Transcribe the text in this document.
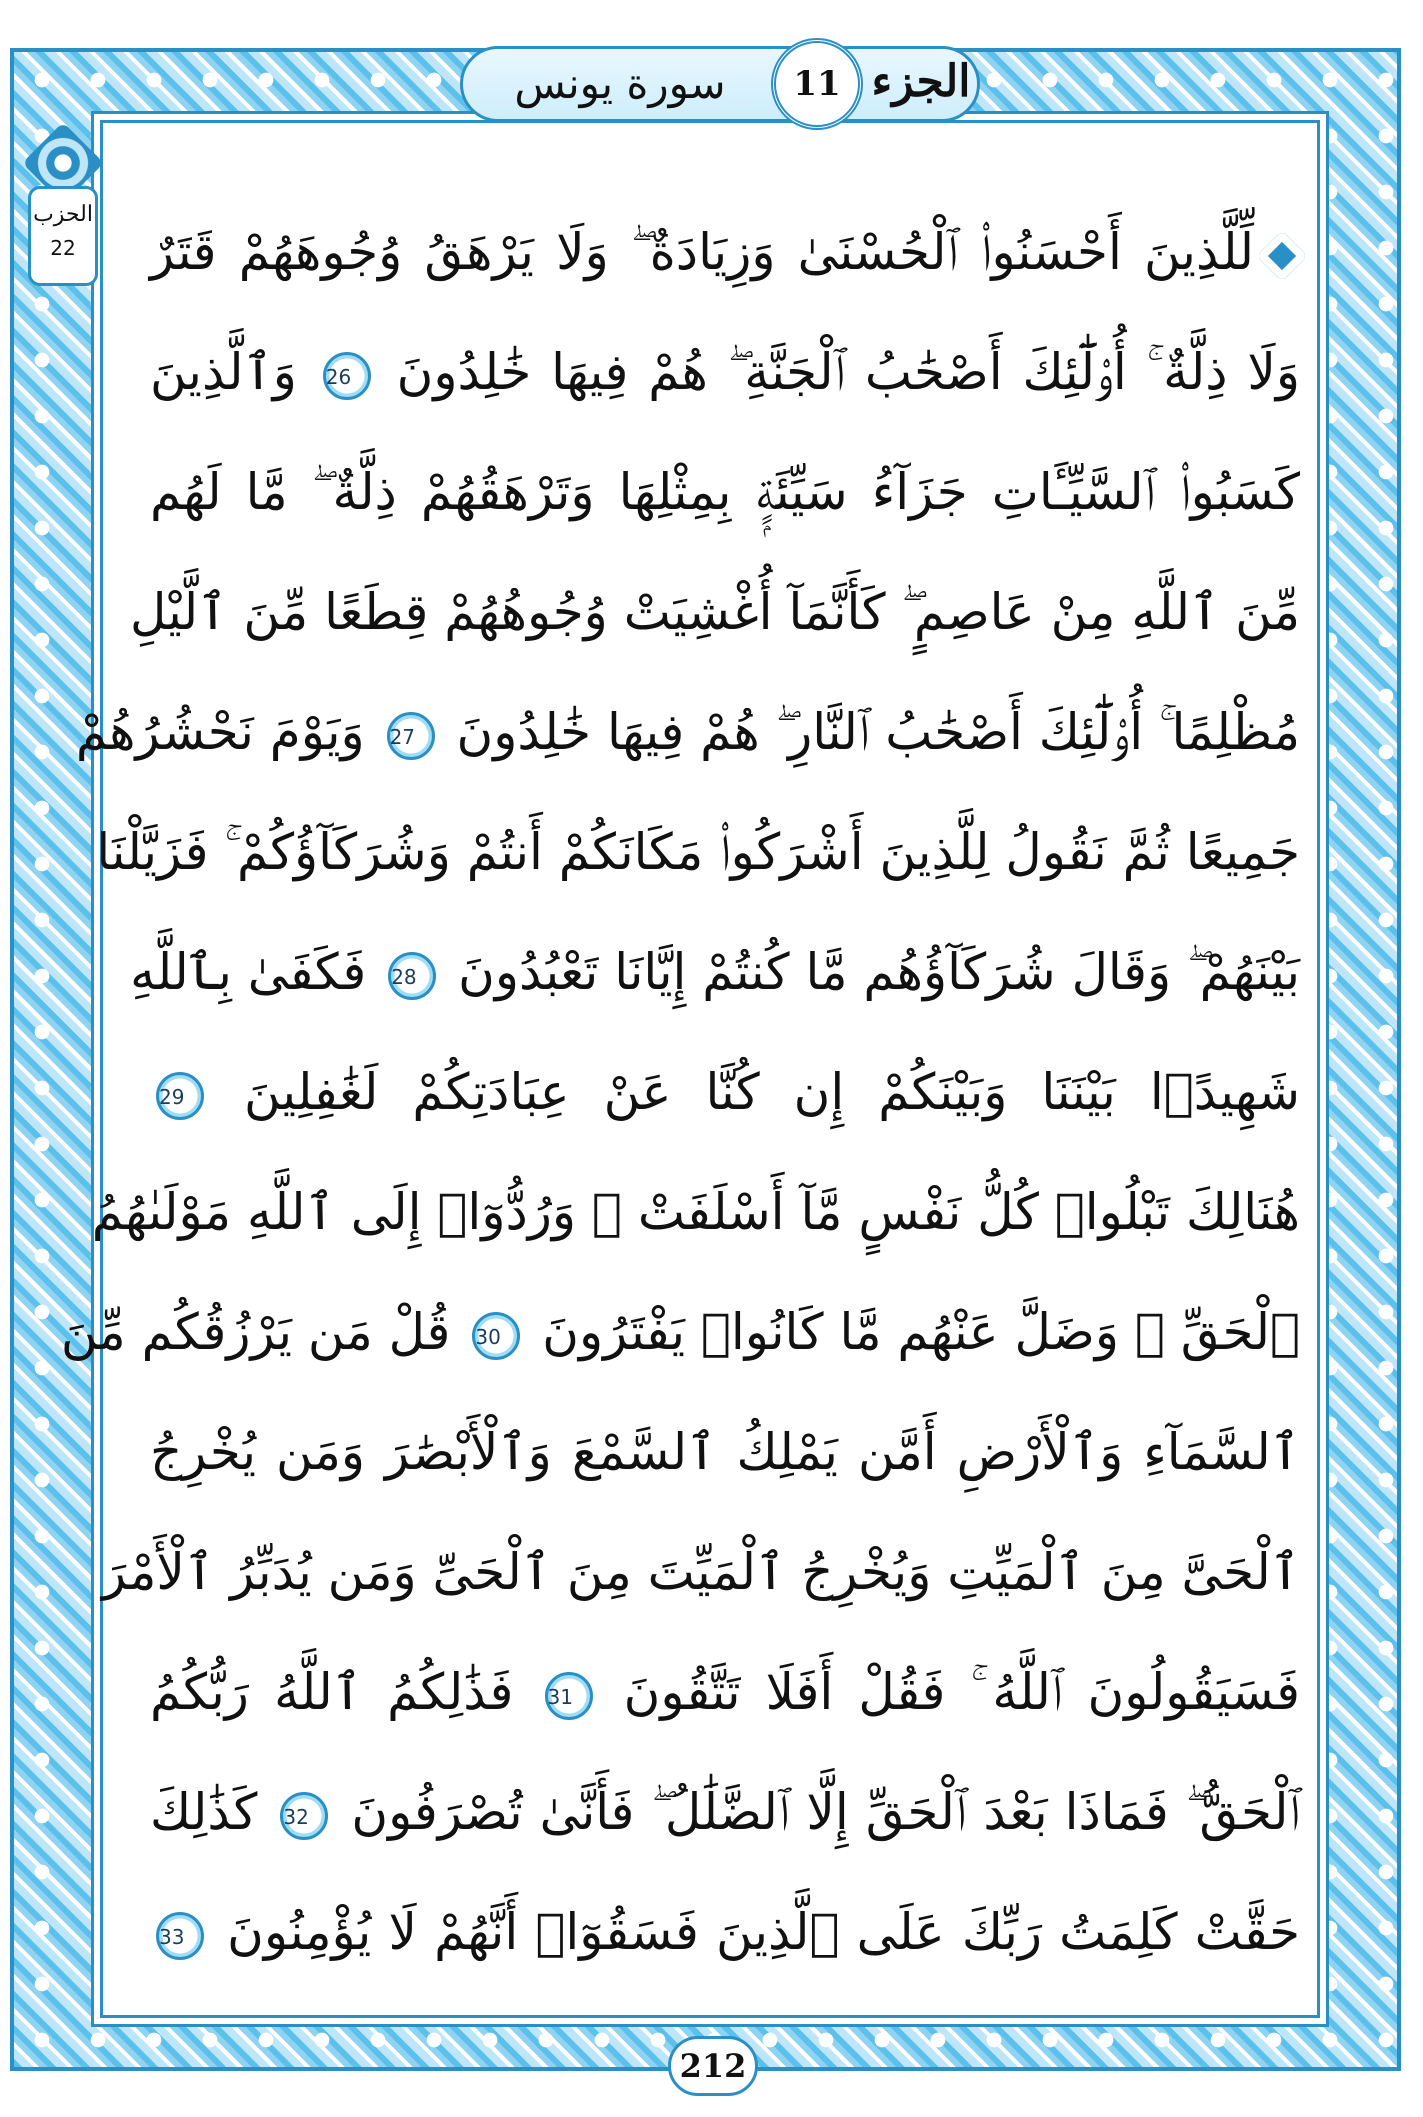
سورة يونس	11 الجزء
الحزب
22	لِّلَّذِينَ أَحْسَنُوا۟ ٱلْحُسْنَىٰ وَزِيَادَةٌ ۖ وَلَا يَرْهَقُ وُجُوهَهُمْ قَتَرٌ
وَلَا ذِلَّةٌ ۚ أُو۟لَٰٓئِكَ أَصْحَٰبُ ٱلْجَنَّةِ ۖ هُمْ فِيهَا خَٰلِدُونَ 26 وَٱلَّذِينَ
كَسَبُوا۟ ٱلسَّيِّـَٔاتِ جَزَآءُ سَيِّئَةٍۭ بِمِثْلِهَا وَتَرْهَقُهُمْ ذِلَّةٌ ۖ مَّا لَهُم
مِّنَ ٱللَّهِ مِنْ عَاصِمٍ ۖ كَأَنَّمَآ أُغْشِيَتْ وُجُوهُهُمْ قِطَعًا مِّنَ ٱلَّيْلِ
مُظْلِمًا ۚ أُو۟لَٰٓئِكَ أَصْحَٰبُ ٱلنَّارِ ۖ هُمْ فِيهَا خَٰلِدُونَ 27 وَيَوْمَ نَحْشُرُهُمْ
جَمِيعًا ثُمَّ نَقُولُ لِلَّذِينَ أَشْرَكُوا۟ مَكَانَكُمْ أَنتُمْ وَشُرَكَآؤُكُمْ ۚ فَزَيَّلْنَا
بَيْنَهُمْ ۖ وَقَالَ شُرَكَآؤُهُم مَّا كُنتُمْ إِيَّانَا تَعْبُدُونَ 28 فَكَفَىٰ بِٱللَّهِ
شَهِيدًۢا بَيْنَنَا وَبَيْنَكُمْ إِن كُنَّا عَنْ عِبَادَتِكُمْ لَغَٰفِلِينَ 29
هُنَالِكَ تَبْلُوا۟ كُلُّ نَفْسٍ مَّآ أَسْلَفَتْ ۚ وَرُدُّوٓا۟ إِلَى ٱللَّهِ مَوْلَىٰهُمُ
ٱلْحَقِّ ۖ وَضَلَّ عَنْهُم مَّا كَانُوا۟ يَفْتَرُونَ 30 قُلْ مَن يَرْزُقُكُم مِّنَ
ٱلسَّمَآءِ وَٱلْأَرْضِ أَمَّن يَمْلِكُ ٱلسَّمْعَ وَٱلْأَبْصَٰرَ وَمَن يُخْرِجُ
ٱلْحَىَّ مِنَ ٱلْمَيِّتِ وَيُخْرِجُ ٱلْمَيِّتَ مِنَ ٱلْحَىِّ وَمَن يُدَبِّرُ ٱلْأَمْرَ
فَسَيَقُولُونَ ٱللَّهُ ۚ فَقُلْ أَفَلَا تَتَّقُونَ 31 فَذَٰلِكُمُ ٱللَّهُ رَبُّكُمُ
ٱلْحَقُّ ۖ فَمَاذَا بَعْدَ ٱلْحَقِّ إِلَّا ٱلضَّلَٰلُ ۖ فَأَنَّىٰ تُصْرَفُونَ 32 كَذَٰلِكَ
حَقَّتْ كَلِمَتُ رَبِّكَ عَلَى ٱلَّذِينَ فَسَقُوٓا۟ أَنَّهُمْ لَا يُؤْمِنُونَ 33
212
